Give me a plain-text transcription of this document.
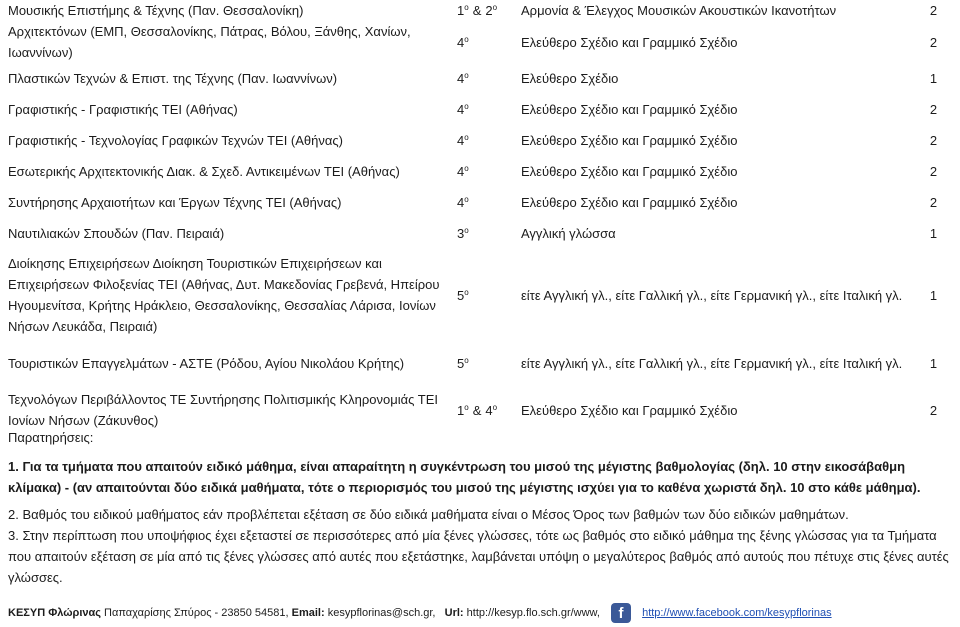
Μουσικής Επιστήμης & Τέχνης (Παν. Θεσσαλονίκη)	$1^o$ & $2^o$	Αρμονία & Έλεγχος Μουσικών Ακουστικών Ικανοτήτων	2
Αρχιτεκτόνων (ΕΜΠ, Θεσσαλονίκης, Πάτρας, Βόλου, Ξάνθης, Χανίων, Ιωαννίνων)	$4^o$	Ελεύθερο Σχέδιο και Γραμμικό Σχέδιο	2
Πλαστικών Τεχνών & Επιστ. της Τέχνης (Παν. Ιωαννίνων)	$4^o$	Ελεύθερο Σχέδιο	1
Γραφιστικής - Γραφιστικής ΤΕΙ (Αθήνας)	$4^o$	Ελεύθερο Σχέδιο και Γραμμικό Σχέδιο	2
Γραφιστικής - Τεχνολογίας Γραφικών Τεχνών ΤΕΙ (Αθήνας)	$4^o$	Ελεύθερο Σχέδιο και Γραμμικό Σχέδιο	2
Εσωτερικής Αρχιτεκτονικής Διακ. & Σχεδ. Αντικειμένων ΤΕΙ (Αθήνας)	$4^o$	Ελεύθερο Σχέδιο και Γραμμικό Σχέδιο	2
Συντήρησης Αρχαιοτήτων και Έργων Τέχνης ΤΕΙ (Αθήνας)	$4^o$	Ελεύθερο Σχέδιο και Γραμμικό Σχέδιο	2
Ναυτιλιακών Σπουδών (Παν. Πειραιά)	$3^o$	Αγγλική γλώσσα	1
Διοίκησης Επιχειρήσεων Διοίκηση Τουριστικών Επιχειρήσεων και Επιχειρήσεων Φιλοξενίας ΤΕΙ (Αθήνας, Δυτ. Μακεδονίας Γρεβενά, Ηπείρου Ηγουμενίτσα, Κρήτης Ηράκλειο, Θεσσαλονίκης, Θεσσαλίας Λάρισα, Ιονίων Νήσων Λευκάδα, Πειραιά)	$5^o$	είτε Αγγλική γλ., είτε Γαλλική γλ., είτε Γερμανική γλ., είτε Ιταλική γλ.	1
Τουριστικών Επαγγελμάτων - ΑΣΤΕ (Ρόδου, Αγίου Νικολάου Κρήτης)	$5^o$	είτε Αγγλική γλ., είτε Γαλλική γλ., είτε Γερμανική γλ., είτε Ιταλική γλ.	1
Τεχνολόγων Περιβάλλοντος ΤΕ Συντήρησης Πολιτισμικής Κληρονομιάς ΤΕΙ Ιονίων Νήσων (Ζάκυνθος)	$1^o$ & $4^o$	Ελεύθερο Σχέδιο και Γραμμικό Σχέδιο	2
Παρατηρήσεις:

1. Για τα τμήματα που απαιτούν ειδικό μάθημα, είναι απαραίτητη η συγκέντρωση του μισού της μέγιστης βαθμολογίας (δηλ. 10 στην εικοσάβαθμη κλίμακα) - (αν απαιτούνται δύο ειδικά μαθήματα, τότε ο περιορισμός του μισού της μέγιστης ισχύει για το καθένα χωριστά δηλ. 10 στο κάθε μάθημα).

2. Βαθμός του ειδικού μαθήματος εάν προβλέπεται εξέταση σε δύο ειδικά μαθήματα είναι ο Μέσος Όρος των βαθμών των δύο ειδικών μαθημάτων.

3. Στην περίπτωση που υποψήφιος έχει εξεταστεί σε περισσότερες από μία ξένες γλώσσες, τότε ως βαθμός στο ειδικό μάθημα της ξένης γλώσσας για τα Τμήματα που απαιτούν εξέταση σε μία από τις ξένες γλώσσες από αυτές που εξετάστηκε, λαμβάνεται υπόψη ο μεγαλύτερος βαθμός από αυτούς που πέτυχε στις ξένες αυτές γλώσσες.

ΚΕΣΥΠ Φλώρινας Παπαχαρίσης Σπύρος - 23850 54581, Email: kesypflorinas@sch.gr, Url: http://kesyp.flo.sch.gr/www, f http://www.facebook.com/kesypflorinas
